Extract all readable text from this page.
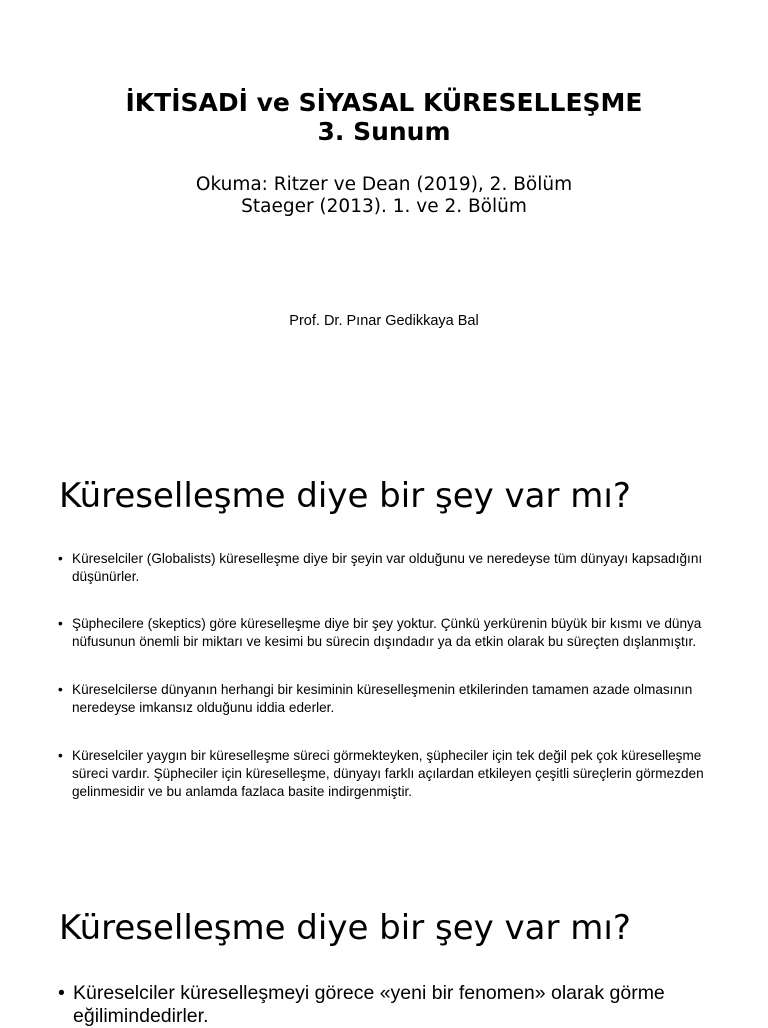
İKTİSADİ ve SİYASAL KÜRESELLEŞME
3. Sunum
Okuma: Ritzer ve Dean (2019), 2. Bölüm
Staeger (2013). 1. ve 2. Bölüm
Prof. Dr. Pınar Gedikkaya Bal
Küreselleşme diye bir şey var mı?
• Küreselciler (Globalists) küreselleşme diye bir şeyin var olduğunu ve neredeyse tüm dünyayı kapsadığını düşünürler.
• Şüphecilere (skeptics) göre küreselleşme diye bir şey yoktur. Çünkü yerkürenin büyük bir kısmı ve dünya nüfusunun önemli bir miktarı ve kesimi bu sürecin dışındadır ya da etkin olarak bu süreçten dışlanmıştır.
• Küreselcilerse dünyanın herhangi bir kesiminin küreselleşmenin etkilerinden tamamen azade olmasının neredeyse imkansız olduğunu iddia ederler.
• Küreselciler yaygın bir küreselleşme süreci görmekteyken, şüpheciler için tek değil pek çok küreselleşme süreci vardır. Şüpheciler için küreselleşme, dünyayı farklı açılardan etkileyen çeşitli süreçlerin görmezden gelinmesidir ve bu anlamda fazlaca basite indirgenmiştir.
Küreselleşme diye bir şey var mı?
• Küreselciler küreselleşmeyi görece «yeni bir fenomen» olarak görme eğilimindedirler.
